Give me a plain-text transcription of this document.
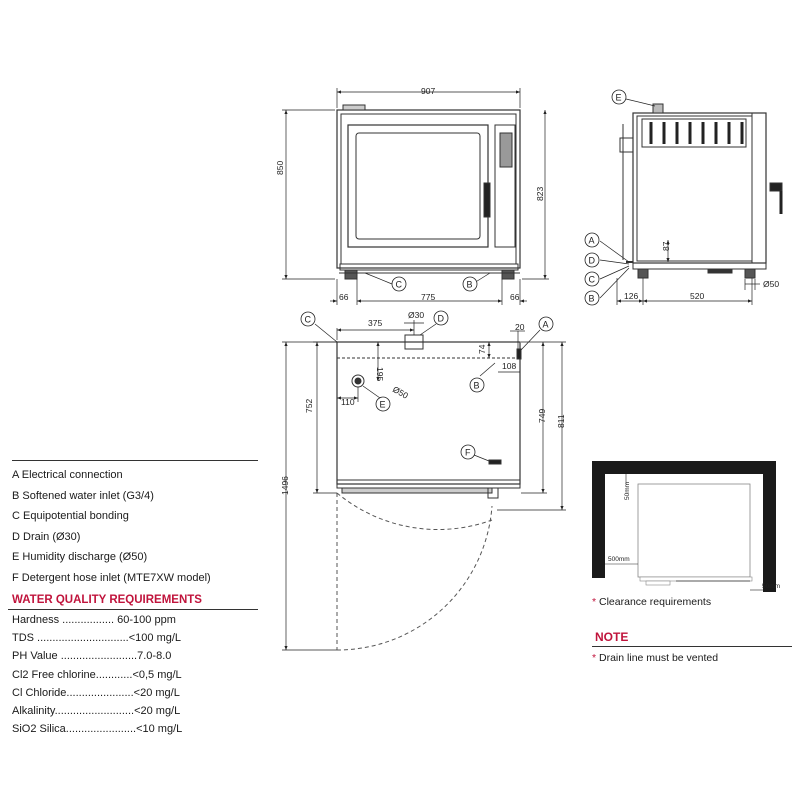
907
850
823
66	775	66
C	B
126	520
87
Ø50
E
A
D
C
B
375
Ø30
20
195
74
108
Ø50
110
752
749 811
1496
C	D
A
B
E
F
50mm
500mm
50mm
A Electrical connection
B Softened water inlet (G3/4)
C Equipotential bonding
D Drain (Ø30)
E Humidity discharge (Ø50)
F Detergent hose inlet (MTE7XW model)
WATER QUALITY REQUIREMENTS
Hardness ................. 60-100 ppm
TDS ..............................<100 mg/L
PH Value .........................7.0-8.0
Cl2 Free chlorine............<0,5 mg/L
Cl Chloride......................<20 mg/L
Alkalinity..........................<20 mg/L
SiO2 Silica.......................<10 mg/L
* Clearance requirements
NOTE
* Drain line must be vented
